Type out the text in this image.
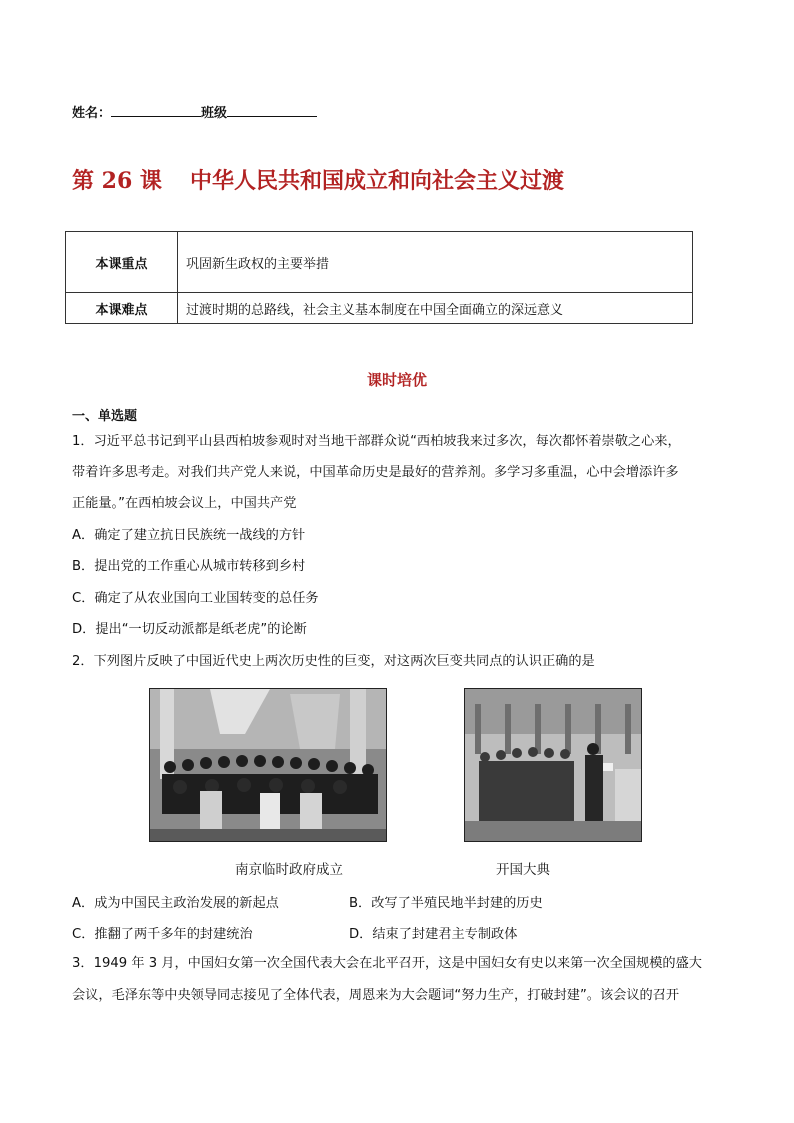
姓名：	班级
第 26 课 中华人民共和国成立和向社会主义过渡
本课重点	巩固新生政权的主要举措
本课难点	过渡时期的总路线，社会主义基本制度在中国全面确立的深远意义
课时培优
一、单选题
1．习近平总书记到平山县西柏坡参观时对当地干部群众说“西柏坡我来过多次，每次都怀着崇敬之心来，
带着许多思考走。对我们共产党人来说，中国革命历史是最好的营养剂。多学习多重温，心中会增添许多
正能量。”在西柏坡会议上，中国共产党
A．确定了建立抗日民族统一战线的方针
B．提出党的工作重心从城市转移到乡村
C．确定了从农业国向工业国转变的总任务
D．提出“一切反动派都是纸老虎”的论断
2．下列图片反映了中国近代史上两次历史性的巨变，对这两次巨变共同点的认识正确的是
南京临时政府成立	开国大典
A．成为中国民主政治发展的新起点	B．改写了半殖民地半封建的历史
C．推翻了两千多年的封建统治	D．结束了封建君主专制政体
3．1949 年 3 月，中国妇女第一次全国代表大会在北平召开，这是中国妇女有史以来第一次全国规模的盛大
会议，毛泽东等中央领导同志接见了全体代表，周恩来为大会题词“努力生产，打破封建”。该会议的召开
